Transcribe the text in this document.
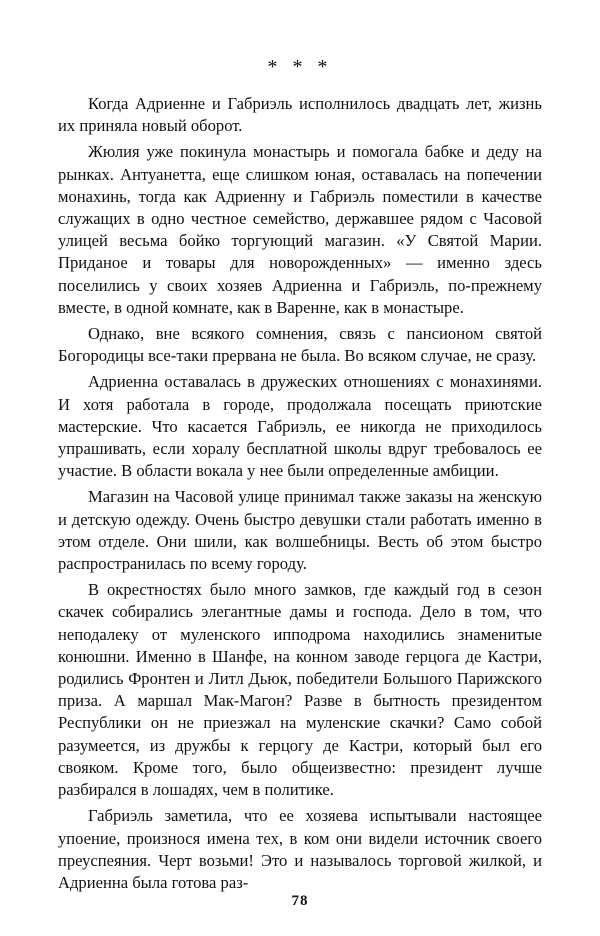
* * *

Когда Адриенне и Габриэль исполнилось двадцать лет, жизнь их приняла новый оборот.

Жюлия уже покинула монастырь и помогала бабке и деду на рынках. Антуанетта, еще слишком юная, оставалась на попечении монахинь, тогда как Адриенну и Габриэль поместили в качестве служащих в одно честное семейство, державшее рядом с Часовой улицей весьма бойко торгующий магазин. «У Святой Марии. Приданое и товары для новорожденных» — именно здесь поселились у своих хозяев Адриенна и Габриэль, по-прежнему вместе, в одной комнате, как в Варенне, как в монастыре.

Однако, вне всякого сомнения, связь с пансионом святой Богородицы все-таки прервана не была. Во всяком случае, не сразу.

Адриенна оставалась в дружеских отношениях с монахинями. И хотя работала в городе, продолжала посещать приютские мастерские. Что касается Габриэль, ее никогда не приходилось упрашивать, если хоралу бесплатной школы вдруг требовалось ее участие. В области вокала у нее были определенные амбиции.

Магазин на Часовой улице принимал также заказы на женскую и детскую одежду. Очень быстро девушки стали работать именно в этом отделе. Они шили, как волшебницы. Весть об этом быстро распространилась по всему городу.

В окрестностях было много замков, где каждый год в сезон скачек собирались элегантные дамы и господа. Дело в том, что неподалеку от муленского ипподрома находились знаменитые конюшни. Именно в Шанфе, на конном заводе герцога де Кастри, родились Фронтен и Литл Дьюк, победители Большого Парижского приза. А маршал Мак-Магон? Разве в бытность президентом Республики он не приезжал на муленские скачки? Само собой разумеется, из дружбы к герцогу де Кастри, который был его свояком. Кроме того, было общеизвестно: президент лучше разбирался в лошадях, чем в политике.

Габриэль заметила, что ее хозяева испытывали настоящее упоение, произнося имена тех, в ком они видели источник своего преуспеяния. Черт возьми! Это и называлось торговой жилкой, и Адриенна была готова раз-

78
